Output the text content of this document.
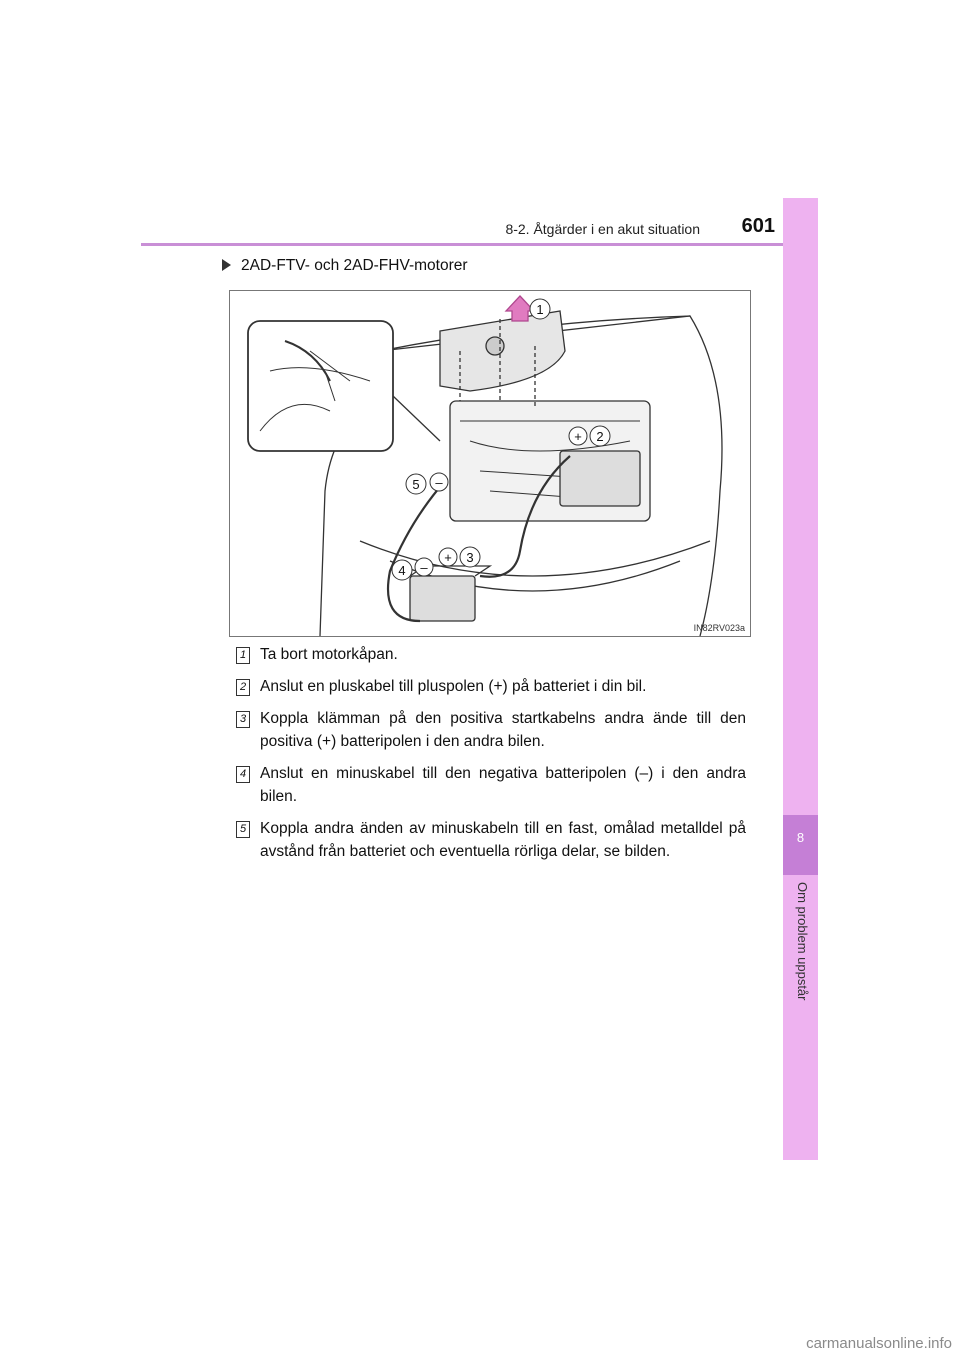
8-2. Åtgärder i en akut situation	601
8
Om problem uppstår
2AD-FTV- och 2AD-FHV-motorer
1
+ 2
+ 3
4 –
5 –
IN82RV023a
1 Ta bort motorkåpan.
2 Anslut en pluskabel till pluspolen (+) på batteriet i din bil.
3 Koppla klämman på den positiva startkabelns andra ände till den positiva (+) batteripolen i den andra bilen.
4 Anslut en minuskabel till den negativa batteripolen (–) i den andra bilen.
5 Koppla andra änden av minuskabeln till en fast, omålad metalldel på avstånd från batteriet och eventuella rörliga delar, se bilden.
carmanualsonline.info
